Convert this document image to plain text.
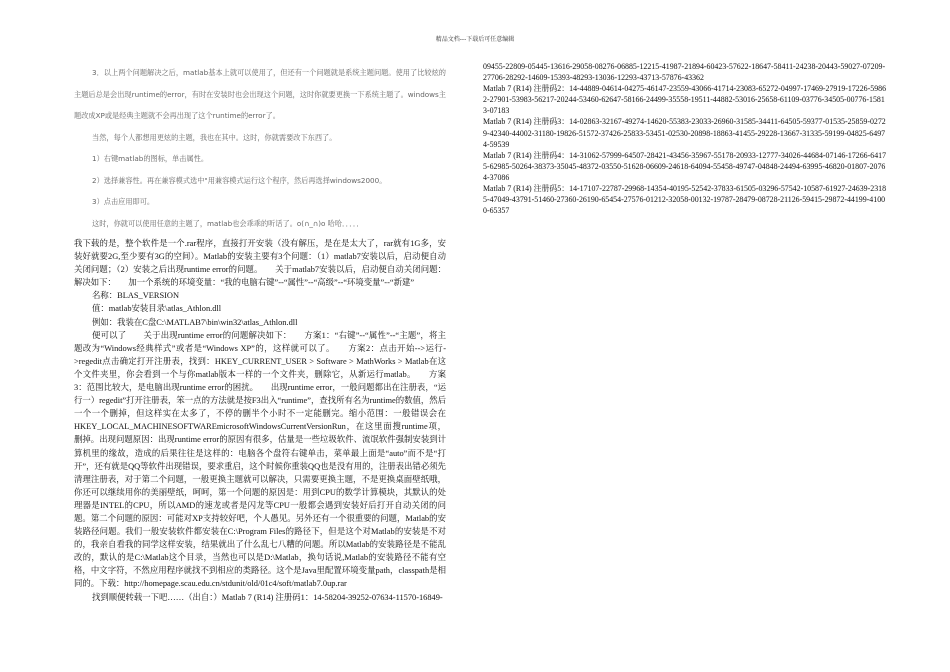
精品文档---下载后可任意编辑

3．以上两个问题解决之后，matlab基本上就可以使用了，但还有一个问题就是系统主题问题。使用了比较炫的主题后总是会出现runtime的error，有时在安装时也会出现这个问题，这时你就要更换一下系统主题了。windows主题改成XP或是经典主题就不会再出现了这个runtime的error了。

当然，每个人都想用更炫的主题，我也在其中。这时，你就需要改下东西了。

1）右键matlab的图标，单击属性。

2）选择兼容性。再在兼容模式选中"用兼容模式运行这个程序，然后再选择windows2000。

3）点击应用即可。

这时，你就可以使用任意的主题了，matlab也会乖乖的听话了。o(∩_∩)o 哈哈．．．．．

我下载的是，整个软件是一个.rar程序，直接打开安装（没有解压，是在是太大了，rar就有1G多，安装好就要2G,至少要有3G的空间）。Matlab的安装主要有3个问题：（1）matlab7安装以后，启动便自动关闭问题；（2）安装之后出现runtime error的问题。　　关于matlab7安装以后，启动便自动关闭问题：解决如下：　　加一个系统的环境变量：“我的电脑右键”--“属性”--“高级”--“环境变量”--“新建”

名称：BLAS_VERSION

值：matlab安装目录\atlas_Athlon.dll

例如：我装在C盘C:\MATLAB7\bin\win32\atlas_Athlon.dll

便可以了　　关于出现runtime error的问题解决如下：　　方案1：“右键”--“属性”--“主题”，将主题改为“Windows经典样式”或者是“Windows XP”的，这样就可以了。　　方案2：点击开始-->运行->regedit点击确定打开注册表，找到：HKEY_CURRENT_USER > Software > MathWorks > Matlab在这个文件夹里，你会看到一个与你matlab版本一样的一个文件夹，删除它，从新运行matlab。　　方案3：范围比较大，是电脑出现runtime error的困扰。　　出现runtime error，一般问题都出在注册表，“运行一）regedit”打开注册表，笨一点的方法就是按F3出入“runtime”，查找所有名为runtime的数值，然后一个一个删掉，但这样实在太多了，不停的删半个小时不一定能删完。缩小范围：一般错误会在HKEY_LOCAL_MACHINESOFTWAREmicrosoftWindowsCurrentVersionRun，在这里面搜runtime项，删掉。出现问题原因：出现runtime error的原因有很多，估量是一些垃圾软件、流氓软件强制安装到计算机里的缘故，造成的后果往往是这样的：电脑各个盘符右键单击，菜单最上面是“auto”而不是“打开”，还有就是QQ等软件出现错误，要求重启，这个时候你重装QQ也是没有用的，注册表出错必须先清理注册表，对于第二个问题，一般更换主题就可以解决，只需要更换主题，不是更换桌面壁纸哦，你还可以继续用你的美丽壁纸，呵呵，第一个问题的原因是：用到CPU的数学计算模块，其默认的处理器是INTEL的CPU，所以AMD的速龙或者是闪龙等CPU一般都会遇到安装好后打开自动关闭的问题。第二个问题的原因：可能对XP支持较好吧，个人愚见。另外还有一个很重要的问题，Matlab的安装路径问题。我们一般安装软件都安装在C:\Program Files的路径下，但是这个对Matlab的安装是不对的，我亲自看我的同学这样安装，结果就出了什么乱七八糟的问题。所以Matlab的安装路径是不能乱改的，默认的是C:\Matlab这个目录，当然也可以是D:\Matlab，换句话说,Matlab的安装路径不能有空格，中文字符，不然应用程序就找不到相应的类路径。这个是Java里配置环境变量path，classpath是相同的。下载：http://homepage.scau.edu.cn/stdunit/old/01c4/soft/matlab7.0up.rar

找到顺便转载一下吧……（出自：）Matlab 7 (R14) 注册码1：14-58204-39252-07634-11570-16849-

09455-22809-05445-13616-29058-08276-06885-12215-41987-21894-60423-57622-18647-58411-24238-20443-59027-07209-27706-28292-14609-15393-48293-13036-12293-43713-57876-43362

Matlab 7 (R14) 注册码2：14-44889-04614-04275-46147-23559-43066-41714-23083-65272-04997-17469-27919-17226-59862-27901-53983-56217-20244-53460-62647-58166-24499-35558-19511-44882-53016-25658-61109-03776-34505-00776-15813-07183

Matlab 7 (R14) 注册码3：14-02863-32167-49274-14620-55383-23033-26960-31585-34411-64505-59377-01535-25859-02729-42340-44002-31180-19826-51572-37426-25833-53451-02530-20898-18863-41455-29228-13667-31335-59199-04825-64974-59539

Matlab 7 (R14) 注册码4：14-31062-57999-64507-28421-43456-35967-55178-20933-12777-34026-44684-07146-17266-64175-62985-50264-38373-35045-48372-03550-51628-06609-24618-64094-55458-49747-04848-24494-63995-46820-01807-20764-37086

Matlab 7 (R14) 注册码5：14-17107-22787-29968-14354-40195-52542-37833-61505-03296-57542-10587-61927-24639-23185-47049-43791-51460-27360-26190-65454-27576-01212-32058-00132-19787-28479-08728-21126-59415-29872-44199-41000-65357
